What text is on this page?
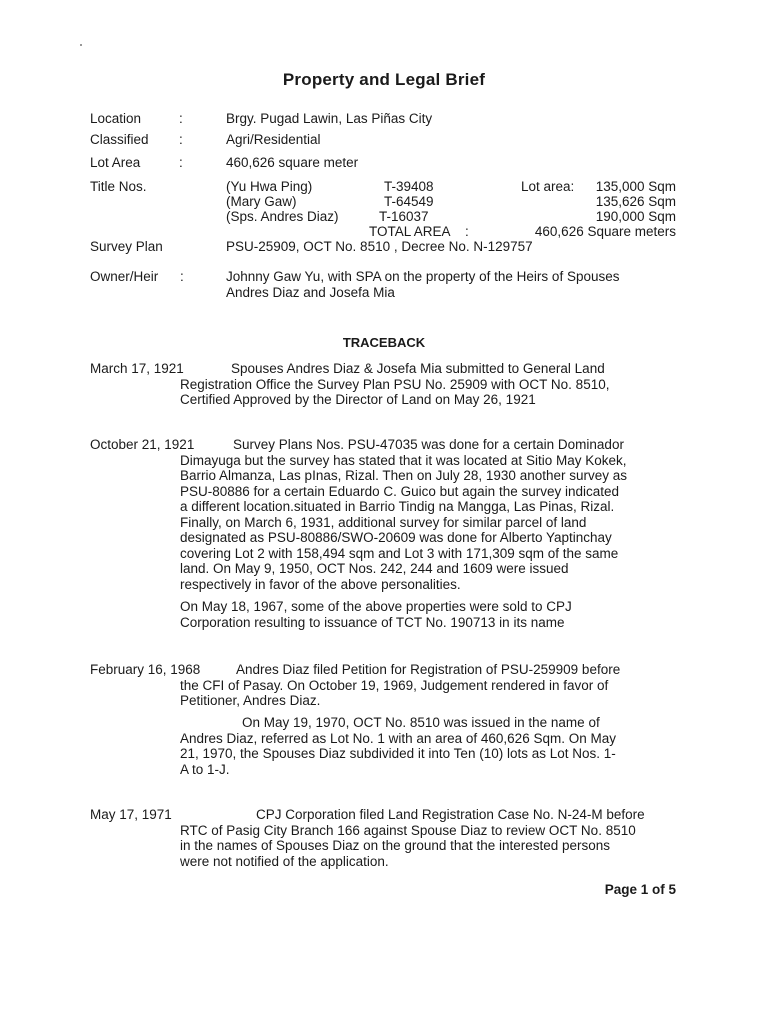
Property and Legal Brief
Location	:	Brgy. Pugad Lawin, Las Piñas City
Classified :	Agri/Residential
Lot Area	:	460,626 square meter
Title Nos.	(Yu Hwa Ping)	T-39408	Lot area:	135,000 Sqm
(Mary Gaw)	T-64549	135,626 Sqm
(Sps. Andres Diaz)	T-16037	190,000 Sqm
TOTAL AREA :	460,626 Square meters
Survey Plan	PSU-25909, OCT No. 8510 , Decree No. N-129757
Owner/Heir :	Johnny Gaw Yu, with SPA on the property of the Heirs of Spouses
Andres Diaz and Josefa Mia
TRACEBACK
March 17, 1921	Spouses Andres Diaz & Josefa Mia submitted to General Land
Registration Office the Survey Plan PSU No. 25909 with OCT No. 8510,
Certified Approved by the Director of Land on May 26, 1921
October 21, 1921	Survey Plans Nos. PSU-47035 was done for a certain Dominador
Dimayuga but the survey has stated that it was located at Sitio May Kokek,
Barrio Almanza, Las pInas, Rizal. Then on July 28, 1930 another survey as
PSU-80886 for a certain Eduardo C. Guico but again the survey indicated
a different location.situated in Barrio Tindig na Mangga, Las Pinas, Rizal.
Finally, on March 6, 1931, additional survey for similar parcel of land
designated as PSU-80886/SWO-20609 was done for Alberto Yaptinchay
covering Lot 2 with 158,494 sqm and Lot 3 with 171,309 sqm of the same
land. On May 9, 1950, OCT Nos. 242, 244 and 1609 were issued
respectively in favor of the above personalities.
On May 18, 1967, some of the above properties were sold to CPJ
Corporation resulting to issuance of TCT No. 190713 in its name
February 16, 1968	Andres Diaz filed Petition for Registration of PSU-259909 before
the CFI of Pasay. On October 19, 1969, Judgement rendered in favor of
Petitioner, Andres Diaz.
On May 19, 1970, OCT No. 8510 was issued in the name of
Andres Diaz, referred as Lot No. 1 with an area of 460,626 Sqm. On May
21, 1970, the Spouses Diaz subdivided it into Ten (10) lots as Lot Nos. 1-
A to 1-J.
May 17, 1971	CPJ Corporation filed Land Registration Case No. N-24-M before
RTC of Pasig City Branch 166 against Spouse Diaz to review OCT No. 8510
in the names of Spouses Diaz on the ground that the interested persons
were not notified of the application.
Page 1 of 5
